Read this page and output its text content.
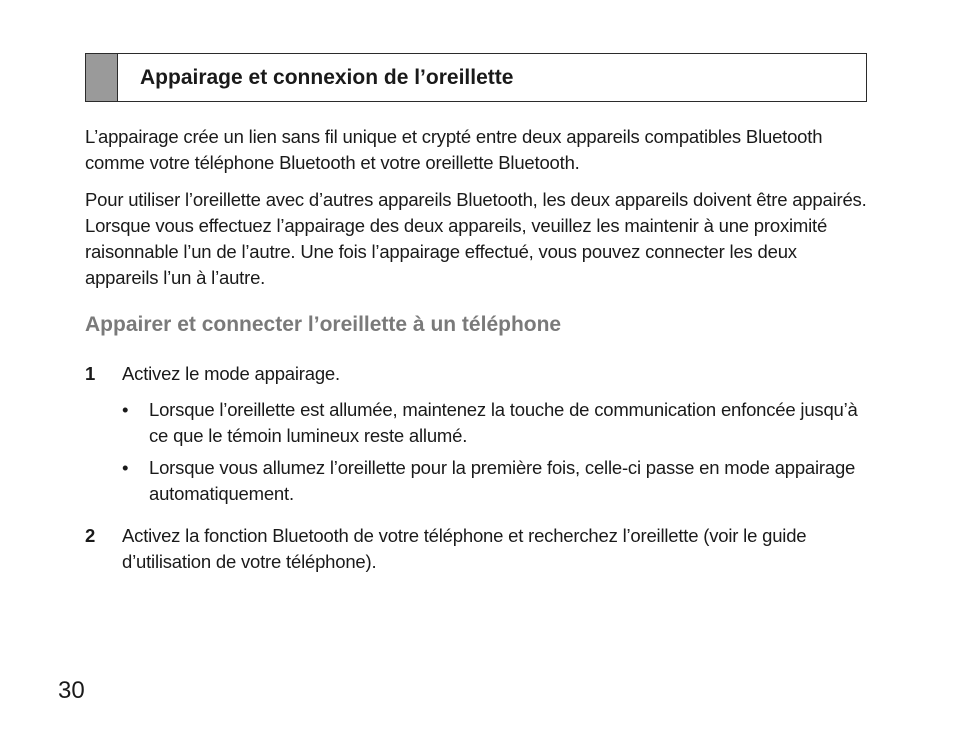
Appairage et connexion de l’oreillette

L’appairage crée un lien sans fil unique et crypté entre deux appareils compatibles Bluetooth comme votre téléphone Bluetooth et votre oreillette Bluetooth.

Pour utiliser l’oreillette avec d’autres appareils Bluetooth, les deux appareils doivent être appairés. Lorsque vous effectuez l’appairage des deux appareils, veuillez les maintenir à une proximité raisonnable l’un de l’autre. Une fois l’appairage effectué, vous pouvez connecter les deux appareils l’un à l’autre.

Appairer et connecter l’oreillette à un téléphone
1 Activez le mode appairage.
• Lorsque l’oreillette est allumée, maintenez la touche de communication enfoncée jusqu’à ce que le témoin lumineux reste allumé.
• Lorsque vous allumez l’oreillette pour la première fois, celle-ci passe en mode appairage automatiquement.
2 Activez la fonction Bluetooth de votre téléphone et recherchez l’oreillette (voir le guide d’utilisation de votre téléphone).
30
